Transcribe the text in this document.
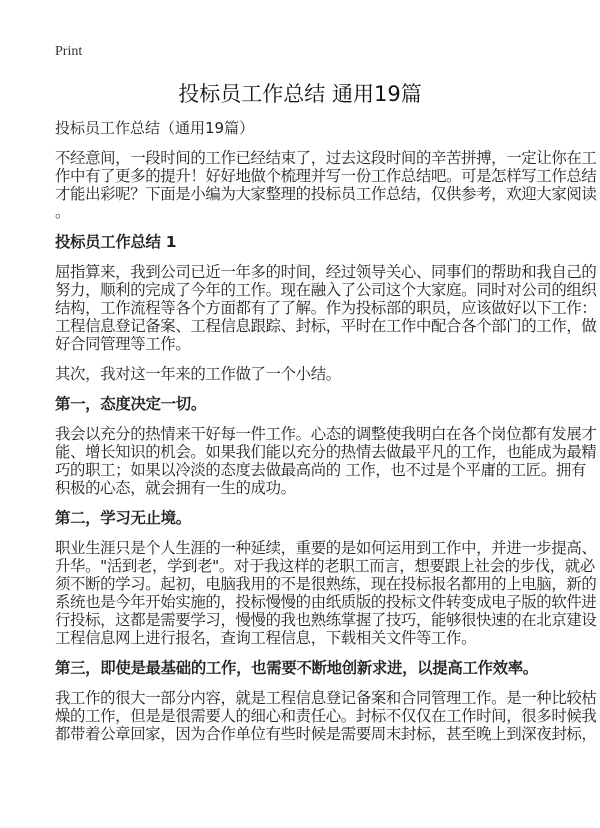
Print
投标员工作总结 通用19篇
投标员工作总结（通用19篇）
不经意间，一段时间的工作已经结束了，过去这段时间的辛苦拼搏，一定让你在工
作中有了更多的提升！好好地做个梳理并写一份工作总结吧。可是怎样写工作总结
才能出彩呢？下面是小编为大家整理的投标员工作总结，仅供参考，欢迎大家阅读
。
投标员工作总结 1
屈指算来，我到公司已近一年多的时间，经过领导关心、同事们的帮助和我自己的
努力，顺利的完成了今年的工作。现在融入了公司这个大家庭。同时对公司的组织
结构，工作流程等各个方面都有了了解。作为投标部的职员，应该做好以下工作：
工程信息登记备案、工程信息跟踪、封标，平时在工作中配合各个部门的工作，做
好合同管理等工作。
其次，我对这一年来的工作做了一个小结。
第一，态度决定一切。
我会以充分的热情来干好每一件工作。心态的调整使我明白在各个岗位都有发展才
能、增长知识的机会。如果我们能以充分的热情去做最平凡的工作，也能成为最精
巧的职工；如果以冷淡的态度去做最高尚的 工作，也不过是个平庸的工匠。拥有
积极的心态，就会拥有一生的成功。
第二，学习无止境。
职业生涯只是个人生涯的一种延续，重要的是如何运用到工作中，并进一步提高、
升华。"活到老，学到老"。对于我这样的老职工而言，想要跟上社会的步伐，就必
须不断的学习。起初，电脑我用的不是很熟练，现在投标报名都用的上电脑，新的
系统也是今年开始实施的，投标慢慢的由纸质版的投标文件转变成电子版的软件进
行投标，这都是需要学习，慢慢的我也熟练掌握了技巧，能够很快速的在北京建设
工程信息网上进行报名，查询工程信息，下载相关文件等工作。
第三，即使是最基础的工作，也需要不断地创新求进，以提高工作效率。
我工作的很大一部分内容，就是工程信息登记备案和合同管理工作。是一种比较枯
燥的工作，但是是很需要人的细心和责任心。封标不仅仅在工作时间，很多时候我
都带着公章回家，因为合作单位有些时候是需要周末封标，甚至晚上到深夜封标，
